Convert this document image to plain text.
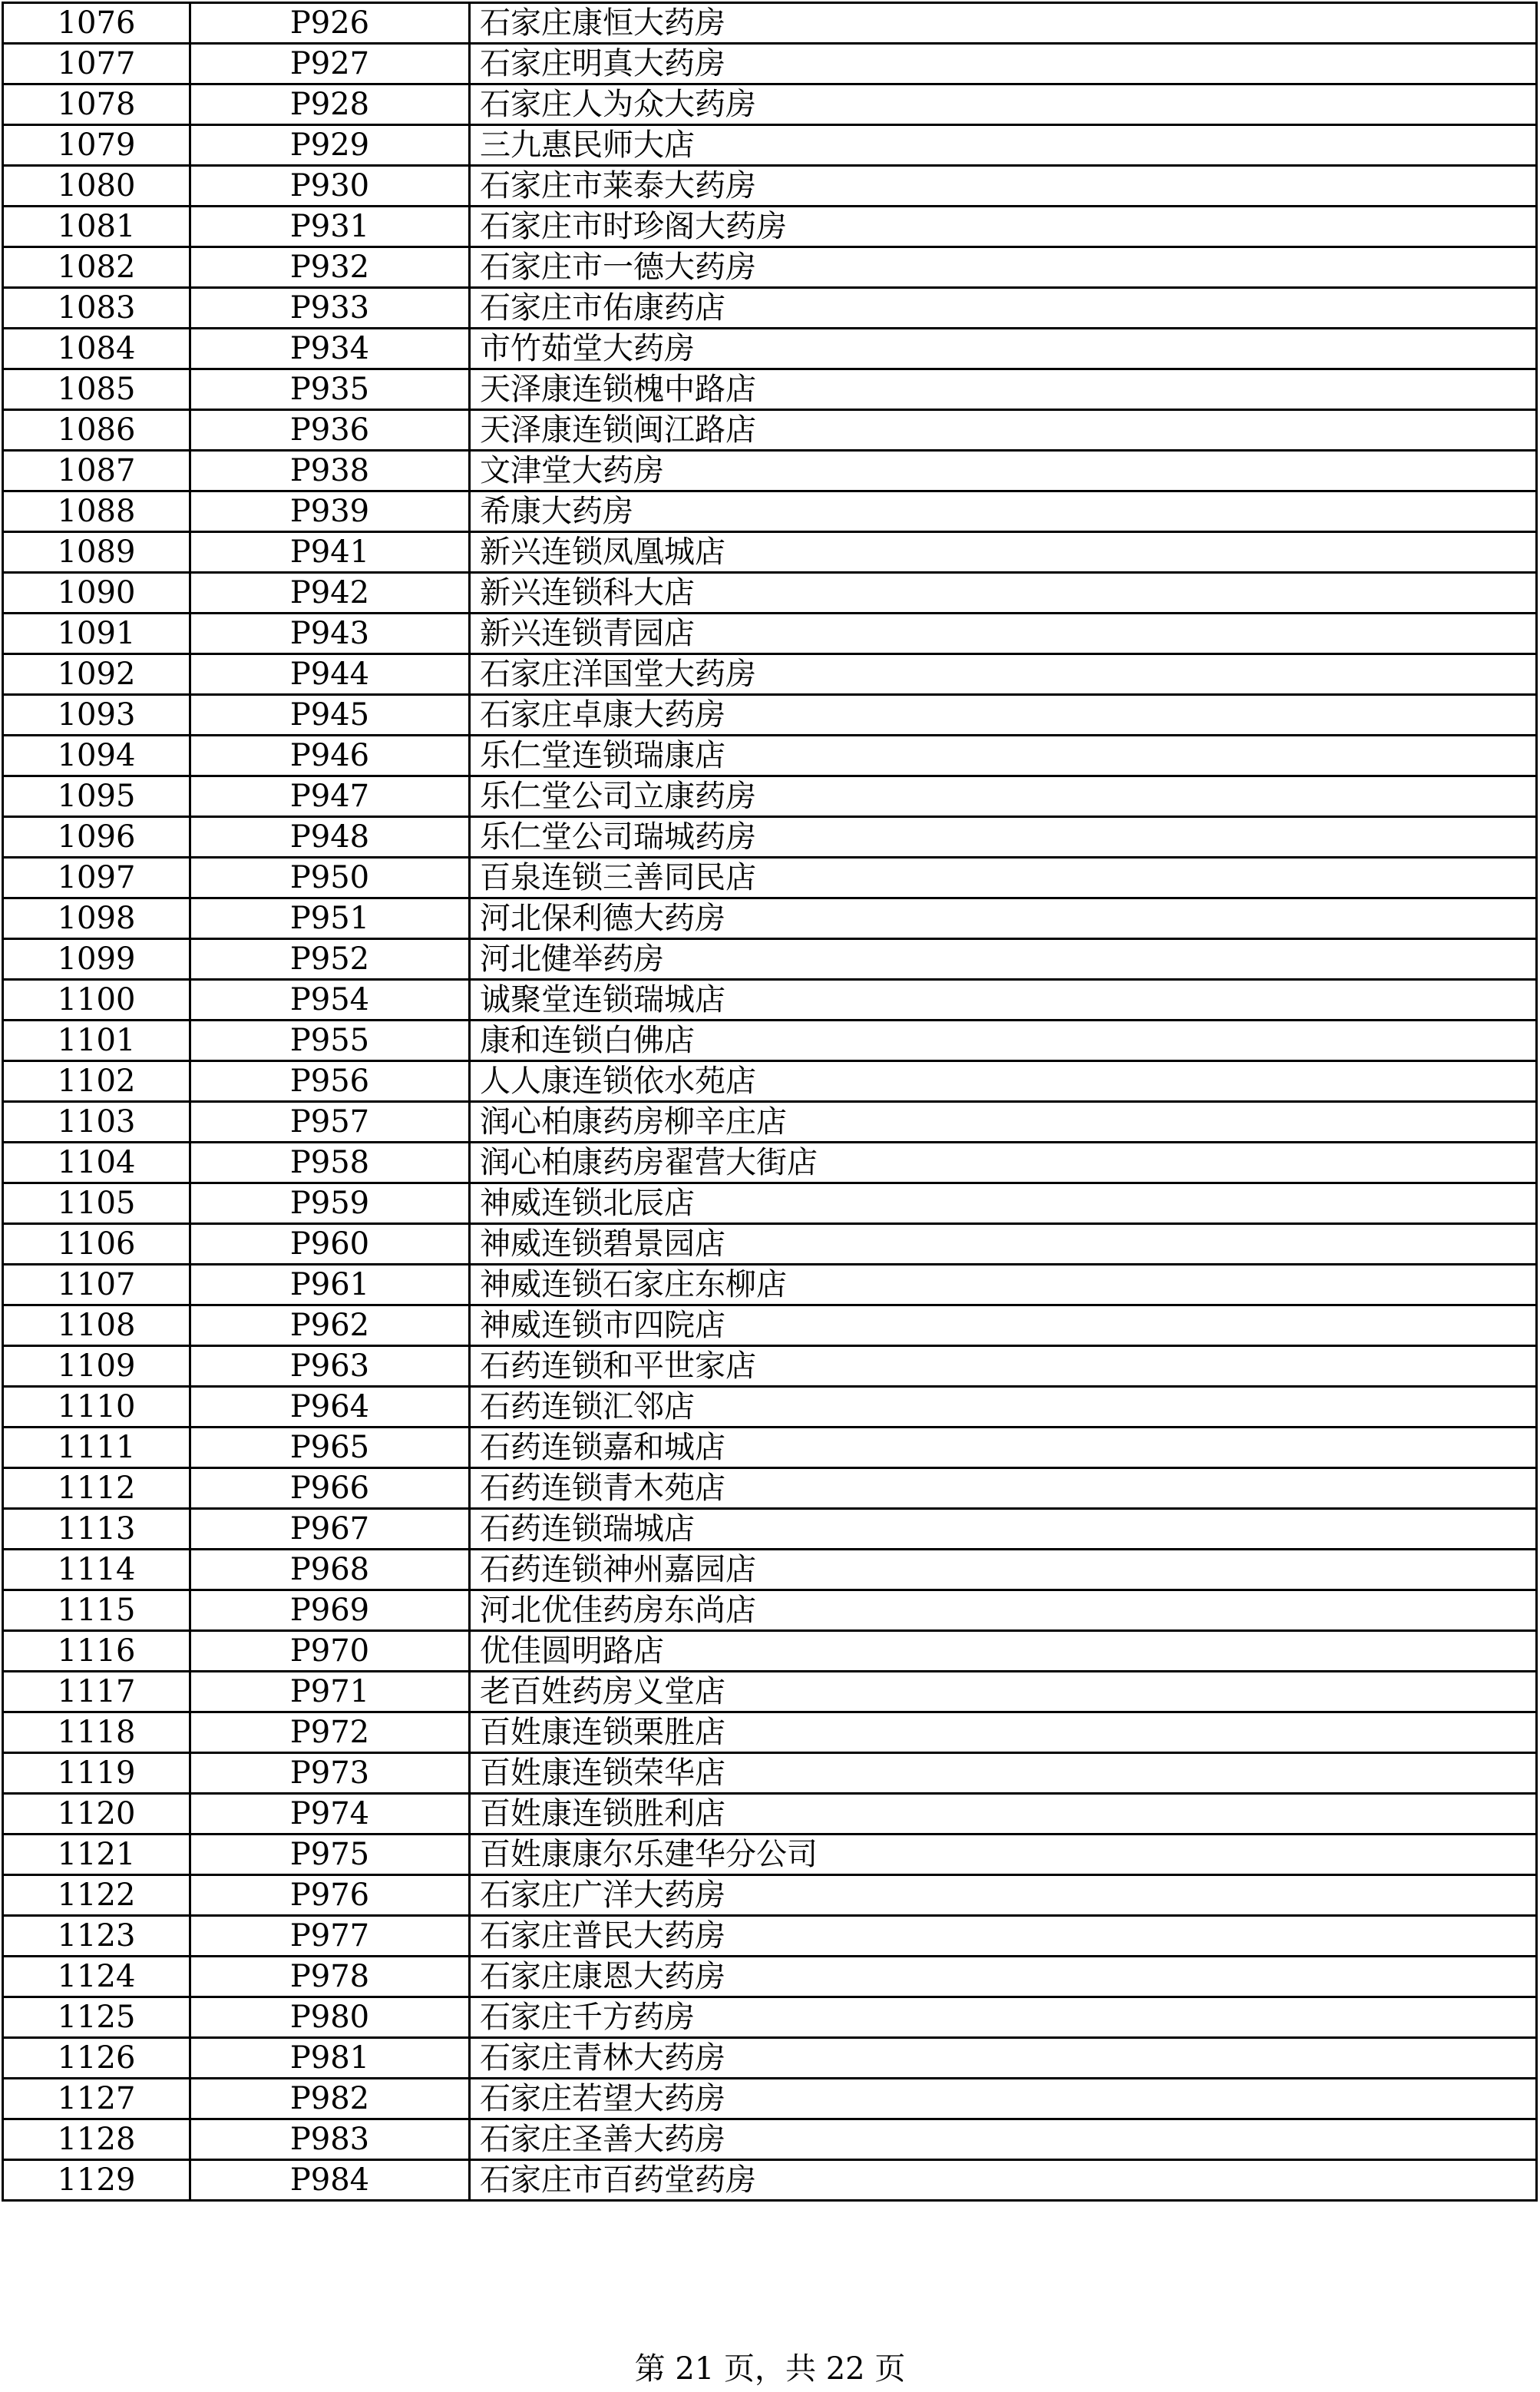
1076	P926	石家庄康恒大药房
1077	P927	石家庄明真大药房
1078	P928	石家庄人为众大药房
1079	P929	三九惠民师大店
1080	P930	石家庄市莱泰大药房
1081	P931	石家庄市时珍阁大药房
1082	P932	石家庄市一德大药房
1083	P933	石家庄市佑康药店
1084	P934	市竹茹堂大药房
1085	P935	天泽康连锁槐中路店
1086	P936	天泽康连锁闽江路店
1087	P938	文津堂大药房
1088	P939	希康大药房
1089	P941	新兴连锁凤凰城店
1090	P942	新兴连锁科大店
1091	P943	新兴连锁青园店
1092	P944	石家庄洋国堂大药房
1093	P945	石家庄卓康大药房
1094	P946	乐仁堂连锁瑞康店
1095	P947	乐仁堂公司立康药房
1096	P948	乐仁堂公司瑞城药房
1097	P950	百泉连锁三善同民店
1098	P951	河北保利德大药房
1099	P952	河北健举药房
1100	P954	诚聚堂连锁瑞城店
1101	P955	康和连锁白佛店
1102	P956	人人康连锁依水苑店
1103	P957	润心柏康药房柳辛庄店
1104	P958	润心柏康药房翟营大街店
1105	P959	神威连锁北辰店
1106	P960	神威连锁碧景园店
1107	P961	神威连锁石家庄东柳店
1108	P962	神威连锁市四院店
1109	P963	石药连锁和平世家店
1110	P964	石药连锁汇邻店
1111	P965	石药连锁嘉和城店
1112	P966	石药连锁青木苑店
1113	P967	石药连锁瑞城店
1114	P968	石药连锁神州嘉园店
1115	P969	河北优佳药房东尚店
1116	P970	优佳圆明路店
1117	P971	老百姓药房义堂店
1118	P972	百姓康连锁栗胜店
1119	P973	百姓康连锁荣华店
1120	P974	百姓康连锁胜利店
1121	P975	百姓康康尔乐建华分公司
1122	P976	石家庄广洋大药房
1123	P977	石家庄普民大药房
1124	P978	石家庄康恩大药房
1125	P980	石家庄千方药房
1126	P981	石家庄青林大药房
1127	P982	石家庄若望大药房
1128	P983	石家庄圣善大药房
1129	P984	石家庄市百药堂药房
第 21 页，共 22 页
